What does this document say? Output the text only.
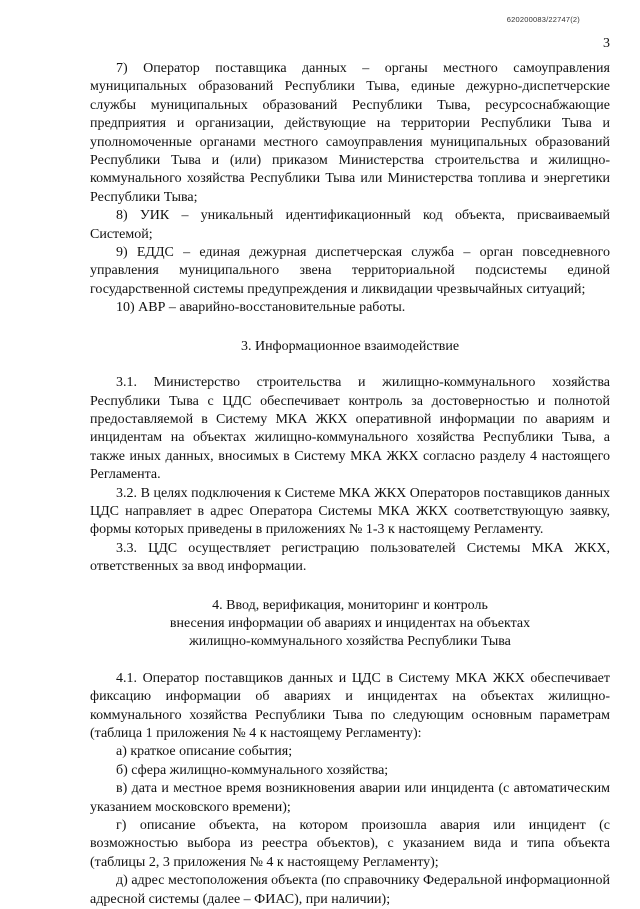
620200083/22747(2)
3

7) Оператор поставщика данных – органы местного самоуправления муниципальных образований Республики Тыва, единые дежурно-диспетчерские службы муниципальных образований Республики Тыва, ресурсоснабжающие предприятия и организации, действующие на территории Республики Тыва и уполномоченные органами местного самоуправления муниципальных образований Республики Тыва и (или) приказом Министерства строительства и жилищно-коммунального хозяйства Республики Тыва или Министерства топлива и энергетики Республики Тыва;

8) УИК – уникальный идентификационный код объекта, присваиваемый Системой;

9) ЕДДС – единая дежурная диспетчерская служба – орган повседневного управления муниципального звена территориальной подсистемы единой государственной системы предупреждения и ликвидации чрезвычайных ситуаций;

10) АВР – аварийно-восстановительные работы.

3. Информационное взаимодействие

3.1. Министерство строительства и жилищно-коммунального хозяйства Республики Тыва с ЦДС обеспечивает контроль за достоверностью и полнотой предоставляемой в Систему МКА ЖКХ оперативной информации по авариям и инцидентам на объектах жилищно-коммунального хозяйства Республики Тыва, а также иных данных, вносимых в Систему МКА ЖКХ согласно разделу 4 настоящего Регламента.

3.2. В целях подключения к Системе МКА ЖКХ Операторов поставщиков данных ЦДС направляет в адрес Оператора Системы МКА ЖКХ соответствующую заявку, формы которых приведены в приложениях № 1-3 к настоящему Регламенту.

3.3. ЦДС осуществляет регистрацию пользователей Системы МКА ЖКХ, ответственных за ввод информации.

4. Ввод, верификация, мониторинг и контроль

внесения информации об авариях и инцидентах на объектах

жилищно-коммунального хозяйства Республики Тыва

4.1. Оператор поставщиков данных и ЦДС в Систему МКА ЖКХ обеспечивает фиксацию информации об авариях и инцидентах на объектах жилищно-коммунального хозяйства Республики Тыва по следующим основным параметрам (таблица 1 приложения № 4 к настоящему Регламенту):

а) краткое описание события;

б) сфера жилищно-коммунального хозяйства;

в) дата и местное время возникновения аварии или инцидента (с автоматическим указанием московского времени);

г) описание объекта, на котором произошла авария или инцидент (с возможностью выбора из реестра объектов), с указанием вида и типа объекта (таблицы 2, 3 приложения № 4 к настоящему Регламенту);

д) адрес местоположения объекта (по справочнику Федеральной информационной адресной системы (далее – ФИАС), при наличии);
